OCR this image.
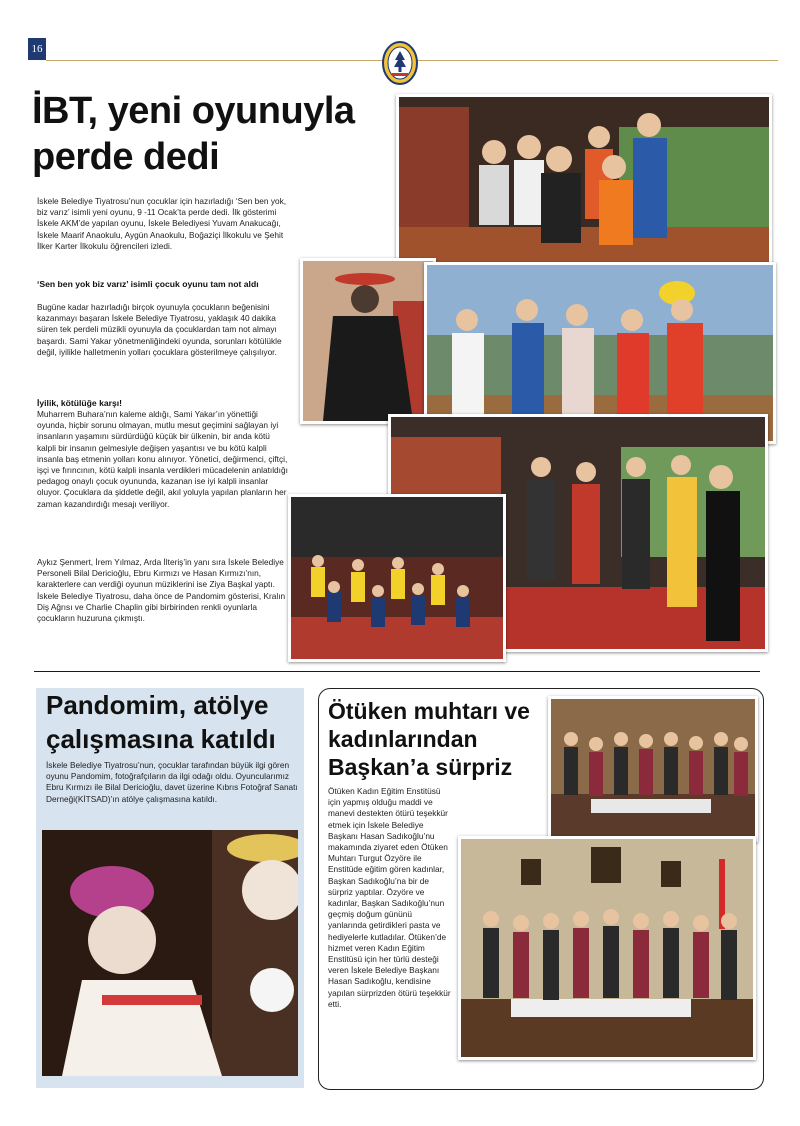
16
İBT, yeni oyunuyla
perde dedi
İskele Belediye Tiyatrosu’nun çocuklar için hazırladığı ‘Sen ben yok, biz varız’ isimli yeni oyunu, 9 -11 Ocak’ta perde dedi. İlk gösterimi İskele AKM’de yapılan oyunu, İskele Belediyesi Yuvam Anakucağı, İskele Maarif Anaokulu, Aygün Anaokulu, Boğaziçi İlkokulu ve Şehit İlker Karter İlkokulu öğrencileri izledi.
‘Sen ben yok biz varız’ isimli çocuk oyunu tam not aldı
Bugüne kadar hazırladığı birçok oyunuyla çocukların beğenisini kazanmayı başaran İskele Belediye Tiyatrosu, yaklaşık 40 dakika süren tek perdeli müzikli oyunuyla da çocuklardan tam not almayı başardı. Sami Yakar yönetmenliğindeki oyunda, sorunları kötülükle değil, iyilikle halletmenin yolları çocuklara gösterilmeye çalışılıyor.
İyilik, kötülüğe karşı!
Muharrem Buhara’nın kaleme aldığı, Sami Yakar’ın yönettiği oyunda, hiçbir sorunu olmayan, mutlu mesut geçimini sağlayan iyi insanların yaşamını sürdürdüğü küçük bir ülkenin, bir anda kötü kalpli bir insanın gelmesiyle değişen yaşantısı ve bu kötü kalpli insanla baş etmenin yolları konu alınıyor. Yönetici, değirmenci, çiftçi, işçi ve fırıncının, kötü kalpli insanla verdikleri mücadelenin anlatıldığı pedagog onaylı çocuk oyununda, kazanan ise iyi kalpli insanlar oluyor. Çocuklara da şiddetle değil, akıl yoluyla yapılan planların her zaman kazandırdığı mesajı veriliyor.
Aykız Şenmert, İrem Yılmaz, Arda İlteriş’in yanı sıra İskele Belediye Personeli Bilal Dericioğlu, Ebru Kırmızı ve Hasan Kırmızı’nın, karakterlere can verdiği oyunun müziklerini ise Ziya Başkal yaptı. İskele Belediye Tiyatrosu, daha önce de Pandomim gösterisi, Kralın Diş Ağrısı ve Charlie Chaplin gibi birbirinden renkli oyunlarla çocukların huzuruna çıkmıştı.
Pandomim, atölye
çalışmasına katıldı
İskele Belediye Tiyatrosu’nun, çocuklar tarafından büyük ilgi gören oyunu Pandomim, fotoğrafçıların da ilgi odağı oldu. Oyuncularımız Ebru Kırmızı ile Bilal Dericioğlu, davet üzerine Kıbrıs Fotoğraf Sanatı Derneği(KİTSAD)’ın atölye çalışmasına katıldı.
Ötüken muhtarı ve
kadınlarından
Başkan’a sürpriz
Ötüken Kadın Eğitim Enstitüsü için yapmış olduğu maddi ve manevi destekten ötürü teşekkür etmek için İskele Belediye Başkanı Hasan Sadıkoğlu’nu makamında ziyaret eden Ötüken Muhtarı Turgut Özyöre ile Enstitüde eğitim gören kadınlar, Başkan Sadıkoğlu’na bir de sürpriz yaptılar. Özyöre ve kadınlar, Başkan Sadıkoğlu’nun geçmiş doğum gününü yanlarında getirdikleri pasta ve hediyelerle kutladılar. Ötüken’de hizmet veren Kadın Eğitim Enstitüsü için her türlü desteği veren İskele Belediye Başkanı Hasan Sadıkoğlu, kendisine yapılan sürprizden ötürü teşekkür etti.
